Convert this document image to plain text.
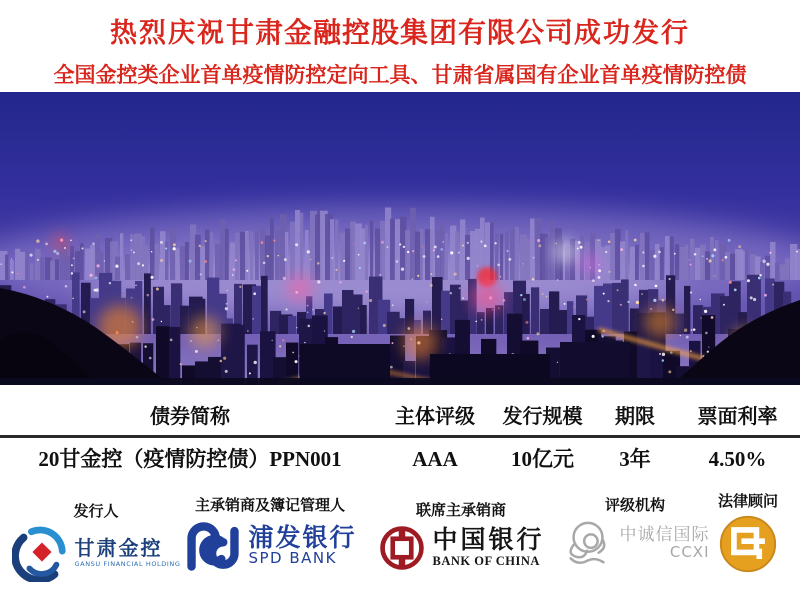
热烈庆祝甘肃金融控股集团有限公司成功发行
全国金控类企业首单疫情防控定向工具、甘肃省属国有企业首单疫情防控债
债券简称	主体评级	发行规模	期限	票面利率
20甘金控（疫情防控债）PPN001	AAA	10亿元	3年	4.50%
发行人
甘肃金控
GANSU FINANCIAL HOLDING
主承销商及簿记管理人
浦发银行
SPD BANK
联席主承销商
中国银行
BANK OF CHINA
评级机构
中诚信国际
CCXI
法律顾问
